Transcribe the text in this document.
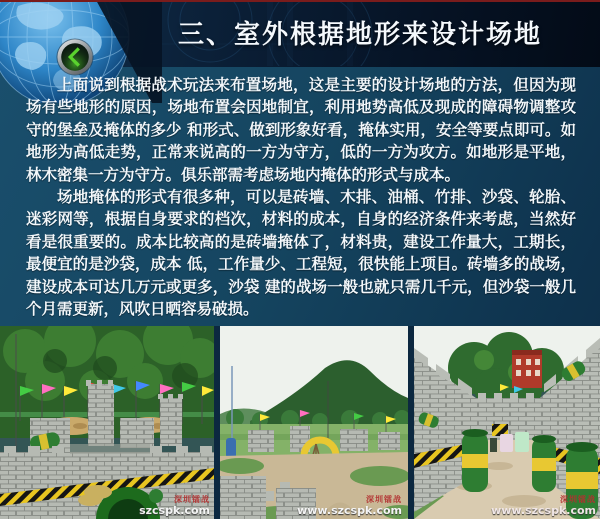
三、室外根据地形来设计场地

上面说到根据战术玩法来布置场地，这是主要的设计场地的方法，但因为现场有些地形的原因，场地布置会因地制宜，利用地势高低及现成的障碍物调整攻守的堡垒及掩体的多少 和形式、做到形象好看，掩体实用，安全等要点即可。如地形为高低走势，正常来说高的一方为守方，低的一方为攻方。如地形是平地，林木密集一方为守方。俱乐部需考虑场地内掩体的形式与成本。

场地掩体的形式有很多种，可以是砖墙、木排、油桶、竹排、沙袋、轮胎、迷彩网等，根据自身要求的档次，材料的成本，自身的经济条件来考虑，当然好看是很重要的。成本比较高的是砖墙掩体了，材料贵，建设工作量大，工期长，最便宜的是沙袋，成本 低，工作量少、工程短，很快能上项目。砖墙多的战场，建设成本可达几万元或更多，沙袋 建的战场一般也就只需几千元，但沙袋一般几个月需更新，风吹日晒容易破损。

深圳镭战
szcspk.com
深圳镭战
www.szcspk.com
深圳镭战
www.szcspk.com
